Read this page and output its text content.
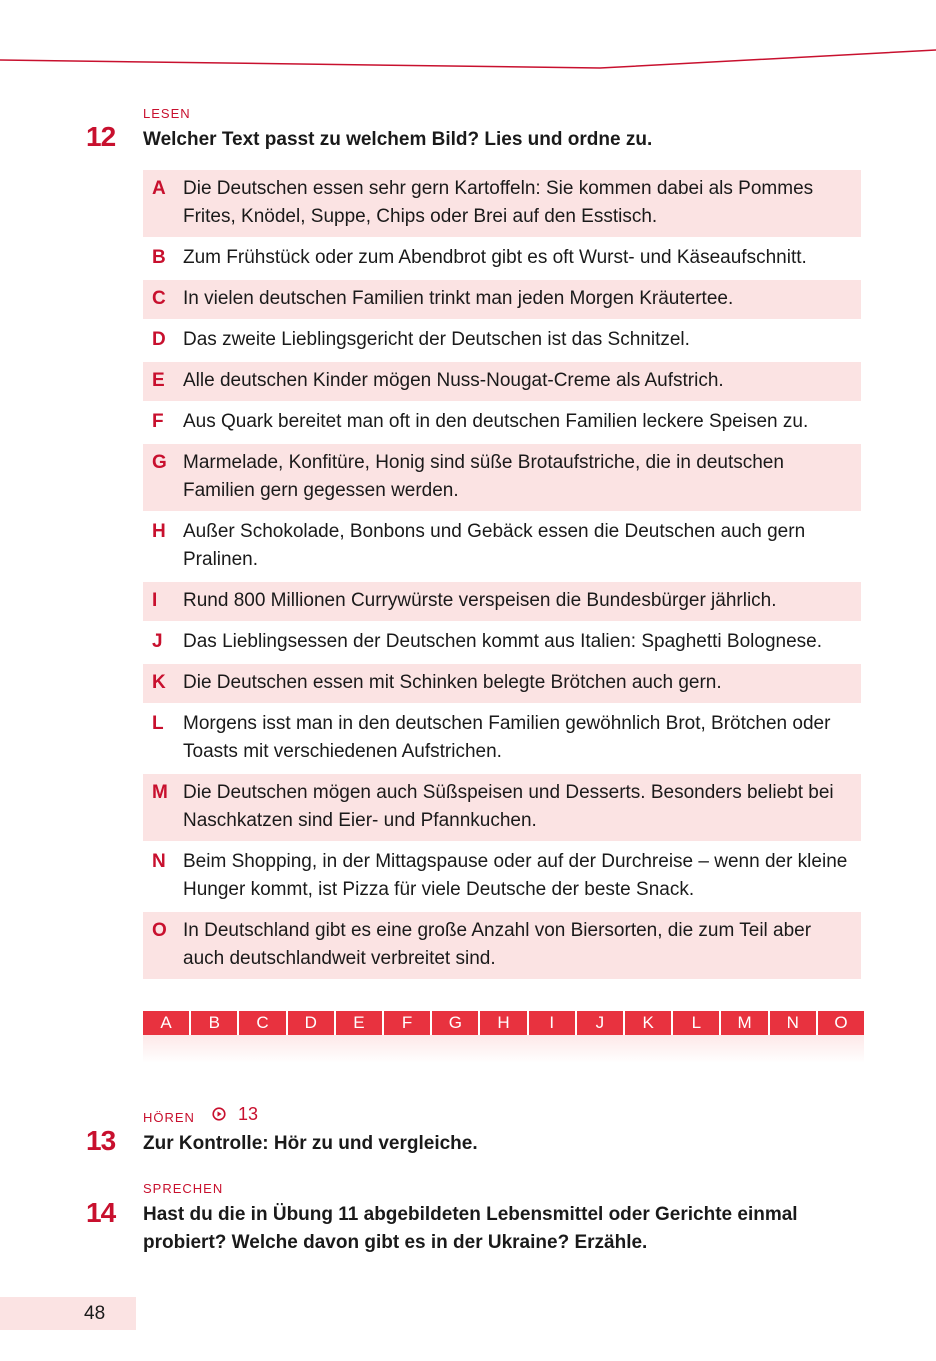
LESEN
12 Welcher Text passt zu welchem Bild? Lies und ordne zu.
A Die Deutschen essen sehr gern Kartoffeln: Sie kommen dabei als Pommes Frites, Knödel, Suppe, Chips oder Brei auf den Esstisch.
B Zum Frühstück oder zum Abendbrot gibt es oft Wurst- und Käseaufschnitt.
C In vielen deutschen Familien trinkt man jeden Morgen Kräutertee.
D Das zweite Lieblingsgericht der Deutschen ist das Schnitzel.
E Alle deutschen Kinder mögen Nuss-Nougat-Creme als Aufstrich.
F	Aus Quark bereitet man oft in den deutschen Familien leckere Speisen zu.
G Marmelade, Konfitüre, Honig sind süße Brotaufstriche, die in deutschen Familien gern gegessen werden.
H Außer Schokolade, Bonbons und Gebäck essen die Deutschen auch gern Pralinen.
I	Rund 800 Millionen Currywürste verspeisen die Bundesbürger jährlich.
J	Das Lieblingsessen der Deutschen kommt aus Italien: Spaghetti Bolognese.
K Die Deutschen essen mit Schinken belegte Brötchen auch gern.
L	Morgens isst man in den deutschen Familien gewöhnlich Brot, Brötchen oder Toasts mit verschiedenen Aufstrichen.
M Die Deutschen mögen auch Süßspeisen und Desserts. Besonders beliebt bei Naschkatzen sind Eier- und Pfannkuchen.
N Beim Shopping, in der Mittagspause oder auf der Durchreise – wenn der kleine Hunger kommt, ist Pizza für viele Deutsche der beste Snack.
O In Deutschland gibt es eine große Anzahl von Biersorten, die zum Teil aber auch deutschlandweit verbreitet sind.
A	B	C	D	E	F	G	H	I	J	K	L	M	N	O
HÖREN 13
13 Zur Kontrolle: Hör zu und vergleiche.
SPRECHEN
14 Hast du die in Übung 11 abgebildeten Lebensmittel oder Gerichte einmal probiert? Welche davon gibt es in der Ukraine? Erzähle.
48
